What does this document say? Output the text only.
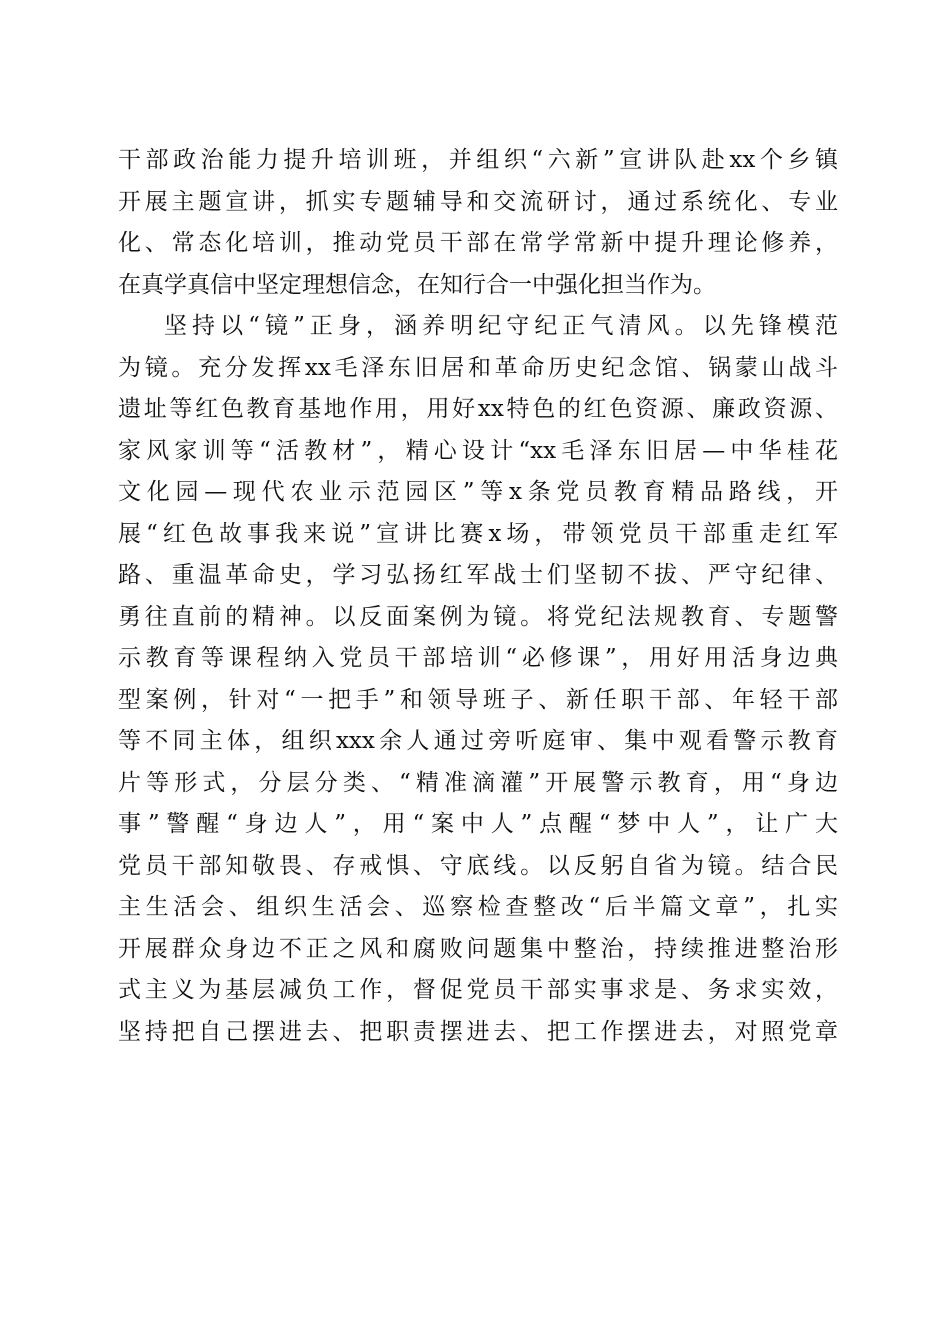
干部政治能力提升培训班，并组织“六新”宣讲队赴xx个乡镇
开展主题宣讲，抓实专题辅导和交流研讨，通过系统化、专业
化、常态化培训，推动党员干部在常学常新中提升理论修养，
在真学真信中坚定理想信念，在知行合一中强化担当作为。
坚持以“镜”正身，涵养明纪守纪正气清风。以先锋模范
为镜。充分发挥xx毛泽东旧居和革命历史纪念馆、锅蒙山战斗
遗址等红色教育基地作用，用好xx特色的红色资源、廉政资源、
家风家训等“活教材”，精心设计“xx毛泽东旧居—中华桂花
文化园—现代农业示范园区”等x条党员教育精品路线，开
展“红色故事我来说”宣讲比赛x场，带领党员干部重走红军
路、重温革命史，学习弘扬红军战士们坚韧不拔、严守纪律、
勇往直前的精神。以反面案例为镜。将党纪法规教育、专题警
示教育等课程纳入党员干部培训“必修课”，用好用活身边典
型案例，针对“一把手”和领导班子、新任职干部、年轻干部
等不同主体，组织xxx余人通过旁听庭审、集中观看警示教育
片等形式，分层分类、“精准滴灌”开展警示教育，用“身边
事”警醒“身边人”，用“案中人”点醒“梦中人”，让广大
党员干部知敬畏、存戒惧、守底线。以反躬自省为镜。结合民
主生活会、组织生活会、巡察检查整改“后半篇文章”，扎实
开展群众身边不正之风和腐败问题集中整治，持续推进整治形
式主义为基层减负工作，督促党员干部实事求是、务求实效，
坚持把自己摆进去、把职责摆进去、把工作摆进去，对照党章
